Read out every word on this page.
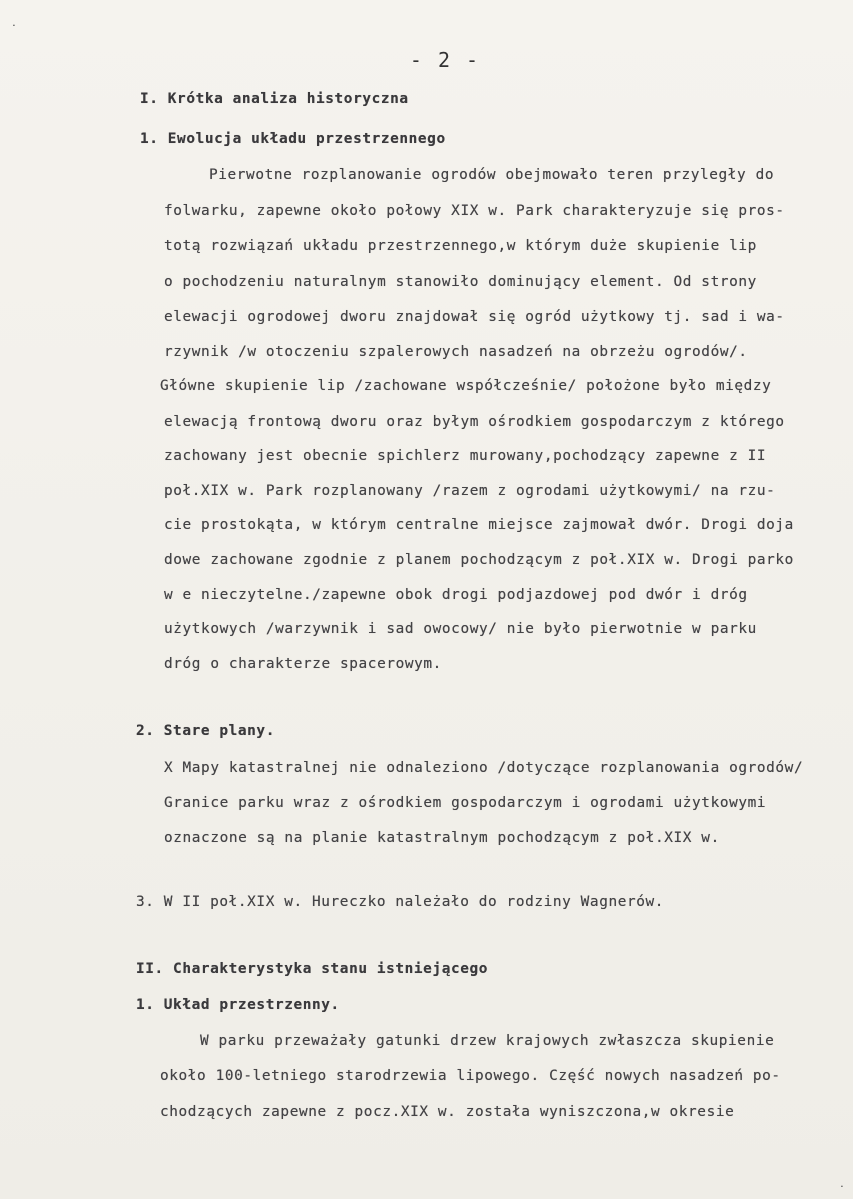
˙
˙
- 2 -
I. Krótka analiza historyczna
1. Ewolucja układu przestrzennego
Pierwotne rozplanowanie ogrodów obejmowało teren przyległy do
folwarku, zapewne około połowy XIX w. Park charakteryzuje się pros-
totą rozwiązań układu przestrzennego,w którym duże skupienie lip
o pochodzeniu naturalnym stanowiło dominujący element. Od strony
elewacji ogrodowej dworu znajdował się ogród użytkowy tj. sad i wa-
rzywnik /w otoczeniu szpalerowych nasadzeń na obrzeżu ogrodów/.
Główne skupienie lip /zachowane współcześnie/ położone było między
elewacją frontową dworu oraz byłym ośrodkiem gospodarczym z którego
zachowany jest obecnie spichlerz murowany,pochodzący zapewne z II
poł.XIX w. Park rozplanowany /razem z ogrodami użytkowymi/ na rzu-
cie prostokąta, w którym centralne miejsce zajmował dwór. Drogi doja
dowe zachowane zgodnie z planem pochodzącym z poł.XIX w. Drogi parko
w e nieczytelne./zapewne obok drogi podjazdowej pod dwór i dróg
użytkowych /warzywnik i sad owocowy/ nie było pierwotnie w parku
dróg o charakterze spacerowym.
2. Stare plany.
X Mapy katastralnej nie odnaleziono /dotyczące rozplanowania ogrodów/
Granice parku wraz z ośrodkiem gospodarczym i ogrodami użytkowymi
oznaczone są na planie katastralnym pochodzącym z poł.XIX w.
3. W II poł.XIX w. Hureczko należało do rodziny Wagnerów.
II. Charakterystyka stanu istniejącego
1. Układ przestrzenny.
W parku przeważały gatunki drzew krajowych zwłaszcza skupienie
około 100-letniego starodrzewia lipowego. Część nowych nasadzeń po-
chodzących zapewne z pocz.XIX w. została wyniszczona,w okresie
